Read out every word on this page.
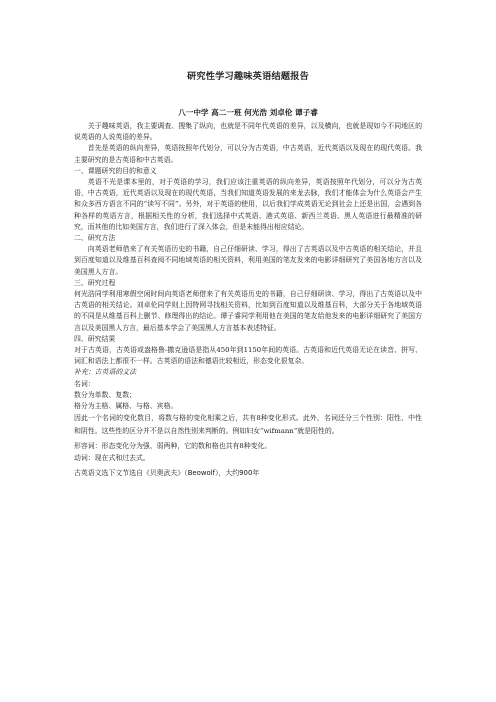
研究性学习趣味英语结题报告
八一中学 高二一班 何光浩 刘卓伦 谭子睿

关于趣味英语，我主要调查、搜集了纵向，也就是不同年代英语的差异，以及横向，也就是现如今不同地区的说英语的人说英语的差异。

首先是英语的纵向差异，英语按照年代划分，可以分为古英语，中古英语，近代英语以及现在的现代英语。我主要研究的是古英语和中古英语。

一、课题研究的目的和意义

英语不光是课本里的，对于英语的学习，我们应该注重英语的纵向差异，英语按照年代划分，可以分为古英语，中古英语，近代英语以及现在的现代英语，当我们知道英语发展的来龙去脉，我们才能体会为什么英语会产生和众多西方语言不同的“读写不同”。另外，对于英语的使用，以后我们学成英语无论到社会上还是出国，会遇到各种各样的英语方言，根据相关性的分析，我们选择中式英语、港式英语、新西兰英语、黑人英语进行最精准的研究，而其他的比如美国方言，我们进行了深入体会，但是未能得出相应结论。

二、研究方法

向英语老师借来了有关英语历史的书籍，自己仔细研读、学习，得出了古英语以及中古英语的相关结论，并且到百度知道以及维基百科查阅不同地域英语的相关资料，利用美国的笔友发来的电影详细研究了美国各地方言以及美国黑人方言。

三、研究过程

何光浩同学利用寒假空闲时间向英语老师借来了有关英语历史的书籍，自己仔细研读、学习，得出了古英语以及中古英语的相关结论。刘卓伦同学则上因特网寻找相关资料，比如到百度知道以及维基百科，大部分关于各地域英语的不同是从维基百科上删节、修理得出的结论。谭子睿同学利用他在美国的笔友给他发来的电影详细研究了美国方言以及美国黑人方言，最后基本学会了美国黑人方言基本表述特征。

四、研究结果

对于古英语，古英语或盎格鲁-撒克逊语是指从450年到1150年间的英语。古英语和近代英语无论在读音、拼写、词汇和语法上都很不一样。古英语的语法和德语比较相近，形态变化很复杂。

补充：古英语的文法

名词：

数分为单数、复数；

格分为主格、属格、与格、宾格。

因此一个名词的变化数目，将数与格的变化相乘之后，共有8种变化形式。此外，名词还分三个性别：阳性、中性和阴性。这些性的区分并不是以自然性别来判断的。例如妇女“wifmann”就是阳性的。

形容词：形态变化分为强、弱两种，它的数和格也共有8种变化。

动词：现在式和过去式。

古英语文选下文节选自《贝奥武夫》（Beowolf），大约900年
